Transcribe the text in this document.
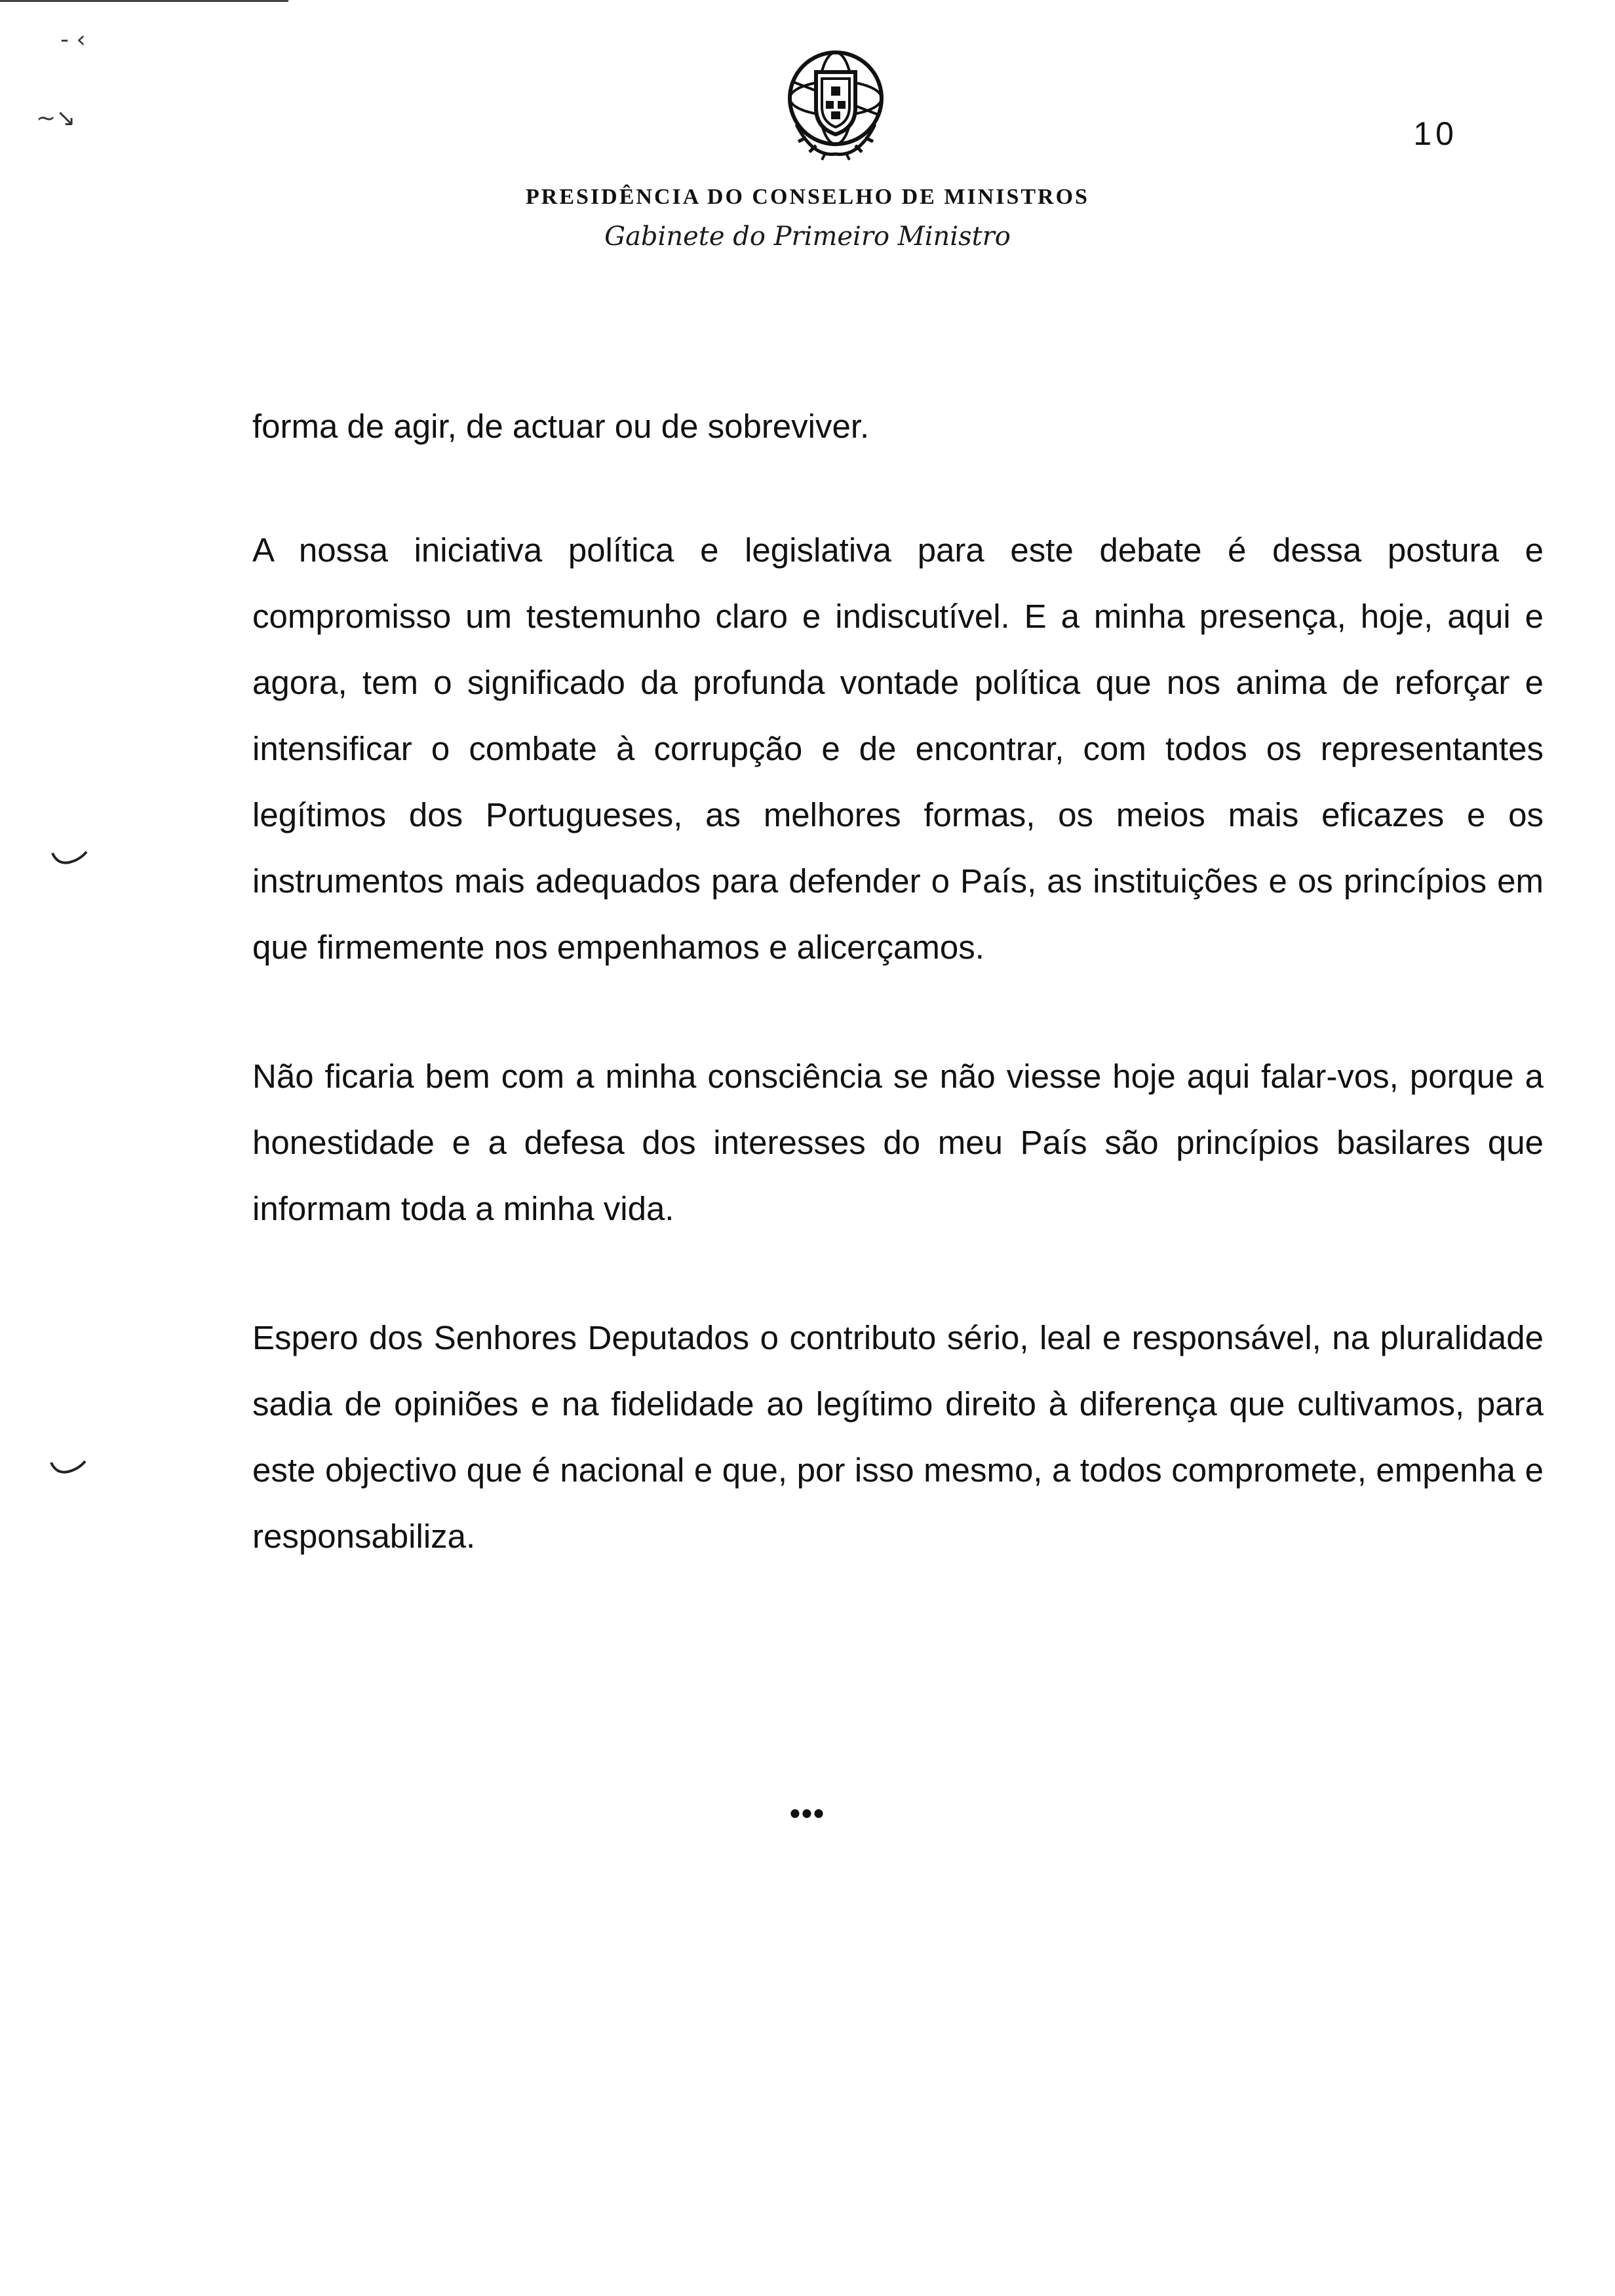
- ‹
~↘	10
PRESIDÊNCIA DO CONSELHO DE MINISTROS
Gabinete do Primeiro Ministro

forma de agir, de actuar ou de sobreviver.

A nossa iniciativa política e legislativa para este debate é dessa postura e compromisso um testemunho claro e indiscutível. E a minha presença, hoje, aqui e agora, tem o significado da profunda vontade política que nos anima de reforçar e intensificar o combate à corrupção e de encontrar, com todos os representantes legítimos dos Portugueses, as melhores formas, os meios mais eficazes e os instrumentos mais adequados para defender o País, as instituições e os princípios em que firmemente nos empenhamos e alicerçamos.

Não ficaria bem com a minha consciência se não viesse hoje aqui falar-vos, porque a honestidade e a defesa dos interesses do meu País são princípios basilares que informam toda a minha vida.

Espero dos Senhores Deputados o contributo sério, leal e responsável, na pluralidade sadia de opiniões e na fidelidade ao legítimo direito à diferença que cultivamos, para este objectivo que é nacional e que, por isso mesmo, a todos compromete, empenha e responsabiliza.

•••
